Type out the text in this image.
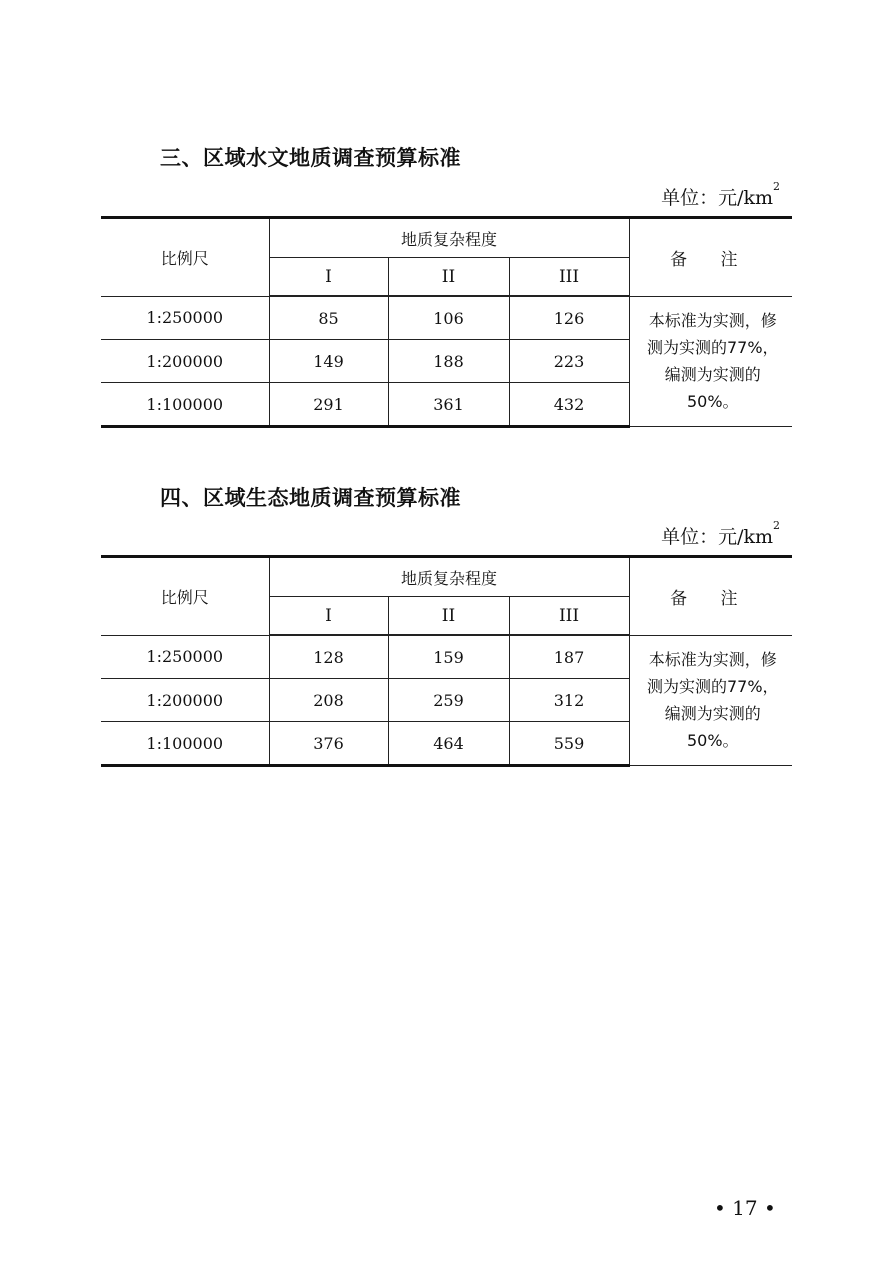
三、区域水文地质调查预算标准
单位：元$/km^2$
比例尺	地质复杂程度			备 注
	I	II	III	
1:250000	85	106	126	本标准为实测，修测为实测的77%，编测为实测的50%。
1:200000	149	188	223	
1:100000	291	361	432	
四、区域生态地质调查预算标准
单位：元$/km^2$
比例尺	地质复杂程度			备 注
	I	II	III	
1:250000	128	159	187	本标准为实测，修测为实测的77%，编测为实测的50%。
1:200000	208	259	312	
1:100000	376	464	559	
• 17 •
